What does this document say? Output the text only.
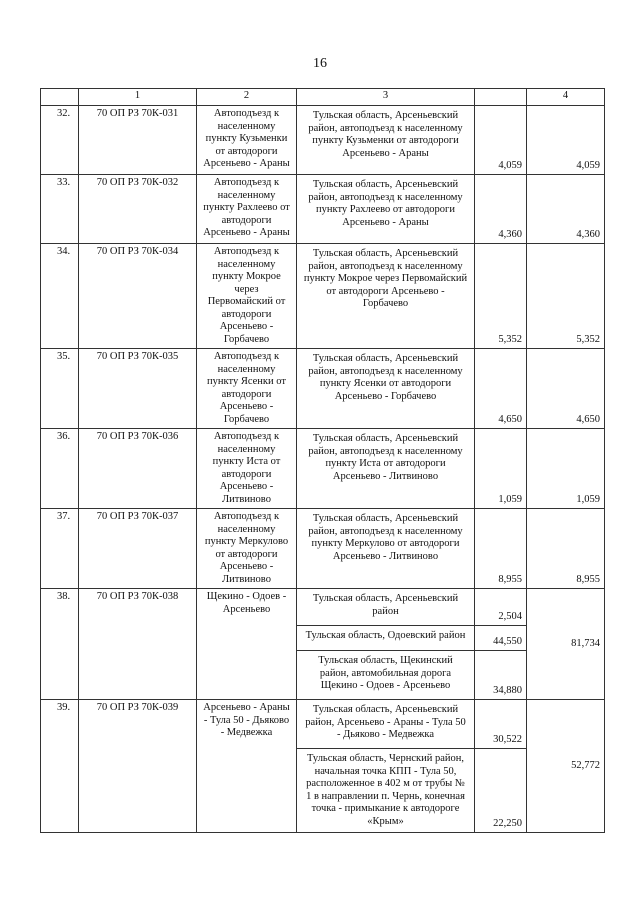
16
	1	2	3		4
32.	70 ОП РЗ 70К-031	Автоподъезд к населенному пункту Кузьменки от автодороги Арсеньево - Араны	Тульская область, Арсеньевский район, автоподъезд к населенному пункту Кузьменки от автодороги Арсеньево - Араны	4,059	4,059
33.	70 ОП РЗ 70К-032	Автоподъезд к населенному пункту Рахлеево от автодороги Арсеньево - Араны	Тульская область, Арсеньевский район, автоподъезд к населенному пункту Рахлеево от автодороги Арсеньево - Араны	4,360	4,360
34.	70 ОП РЗ 70К-034	Автоподъезд к населенному пункту Мокрое через Первомайский от автодороги Арсеньево - Горбачево	Тульская область, Арсеньевский район, автоподъезд к населенному пункту Мокрое через Первомайский от автодороги Арсеньево - Горбачево	5,352	5,352
35.	70 ОП РЗ 70К-035	Автоподъезд к населенному пункту Ясенки от автодороги Арсеньево - Горбачево	Тульская область, Арсеньевский район, автоподъезд к населенному пункту Ясенки от автодороги Арсеньево - Горбачево	4,650	4,650
36.	70 ОП РЗ 70К-036	Автоподъезд к населенному пункту Иста от автодороги Арсеньево - Литвиново	Тульская область, Арсеньевский район, автоподъезд к населенному пункту Иста от автодороги Арсеньево - Литвиново	1,059	1,059
37.	70 ОП РЗ 70К-037	Автоподъезд к населенному пункту Меркулово от автодороги Арсеньево - Литвиново	Тульская область, Арсеньевский район, автоподъезд к населенному пункту Меркулово от автодороги Арсеньево - Литвиново	8,955	8,955
38.	70 ОП РЗ 70К-038	Щекино - Одоев - Арсеньево	Тульская область, Арсеньевский район	2,504	81,734
			Тульская область, Одоевский район	44,550	
			Тульская область, Щекинский район, автомобильная дорога Щекино - Одоев - Арсеньево	34,880	
39.	70 ОП РЗ 70К-039	Арсеньево - Араны - Тула 50 - Дьяково - Медвежка	Тульская область, Арсеньевский район, Арсеньево - Араны - Тула 50 - Дьяково - Медвежка	30,522	52,772
			Тульская область, Чернский район, начальная точка КПП - Тула 50, расположенное в 402 м от трубы № 1 в направлении п. Чернь, конечная точка - примыкание к автодороге «Крым»	22,250	
